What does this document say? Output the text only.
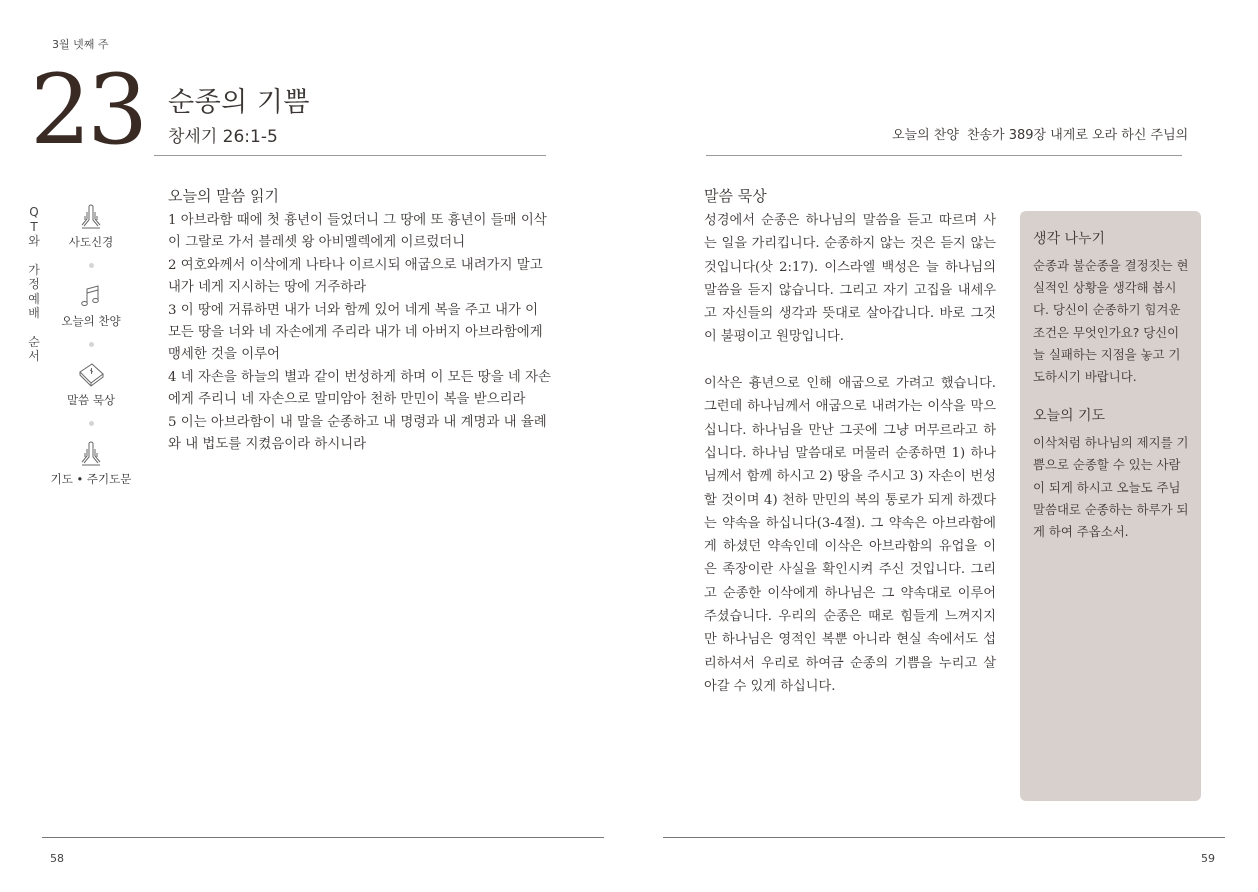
3월 넷째 주
23 순종의 기쁨
창세기 26:1-5	오늘의 찬양 찬송가 389장 내게로 오라 하신 주님의
Q
T
와
가
정
예
배
순
서
사도신경
오늘의 찬양
말씀 묵상
기도 • 주기도문
오늘의 말씀 읽기

1 아브라함 때에 첫 흉년이 들었더니 그 땅에 또 흉년이 들매 이삭이 그랄로 가서 블레셋 왕 아비멜렉에게 이르렀더니

2 여호와께서 이삭에게 나타나 이르시되 애굽으로 내려가지 말고 내가 네게 지시하는 땅에 거주하라

3 이 땅에 거류하면 내가 너와 함께 있어 네게 복을 주고 내가 이 모든 땅을 너와 네 자손에게 주리라 내가 네 아버지 아브라함에게 맹세한 것을 이루어

4 네 자손을 하늘의 별과 같이 번성하게 하며 이 모든 땅을 네 자손에게 주리니 네 자손으로 말미암아 천하 만민이 복을 받으리라

5 이는 아브라함이 내 말을 순종하고 내 명령과 내 계명과 내 율례와 내 법도를 지켰음이라 하시니라

말씀 묵상

성경에서 순종은 하나님의 말씀을 듣고 따르며 사는 일을 가리킵니다. 순종하지 않는 것은 듣지 않는 것입니다(삿 2:17). 이스라엘 백성은 늘 하나님의 말씀을 듣지 않습니다. 그리고 자기 고집을 내세우고 자신들의 생각과 뜻대로 살아갑니다. 바로 그것이 불평이고 원망입니다.

이삭은 흉년으로 인해 애굽으로 가려고 했습니다. 그런데 하나님께서 애굽으로 내려가는 이삭을 막으십니다. 하나님을 만난 그곳에 그냥 머무르라고 하십니다. 하나님 말씀대로 머물러 순종하면 1) 하나님께서 함께 하시고 2) 땅을 주시고 3) 자손이 번성할 것이며 4) 천하 만민의 복의 통로가 되게 하겠다는 약속을 하십니다(3-4절). 그 약속은 아브라함에게 하셨던 약속인데 이삭은 아브라함의 유업을 이은 족장이란 사실을 확인시켜 주신 것입니다. 그리고 순종한 이삭에게 하나님은 그 약속대로 이루어 주셨습니다. 우리의 순종은 때로 힘들게 느껴지지만 하나님은 영적인 복뿐 아니라 현실 속에서도 섭리하셔서 우리로 하여금 순종의 기쁨을 누리고 살아갈 수 있게 하십니다.

생각 나누기
순종과 불순종을 결정짓는 현실적인 상황을 생각해 봅시다. 당신이 순종하기 힘겨운 조건은 무엇인가요? 당신이 늘 실패하는 지점을 놓고 기도하시기 바랍니다.
오늘의 기도
이삭처럼 하나님의 제지를 기쁨으로 순종할 수 있는 사람이 되게 하시고 오늘도 주님 말씀대로 순종하는 하루가 되게 하여 주옵소서.
58	59
